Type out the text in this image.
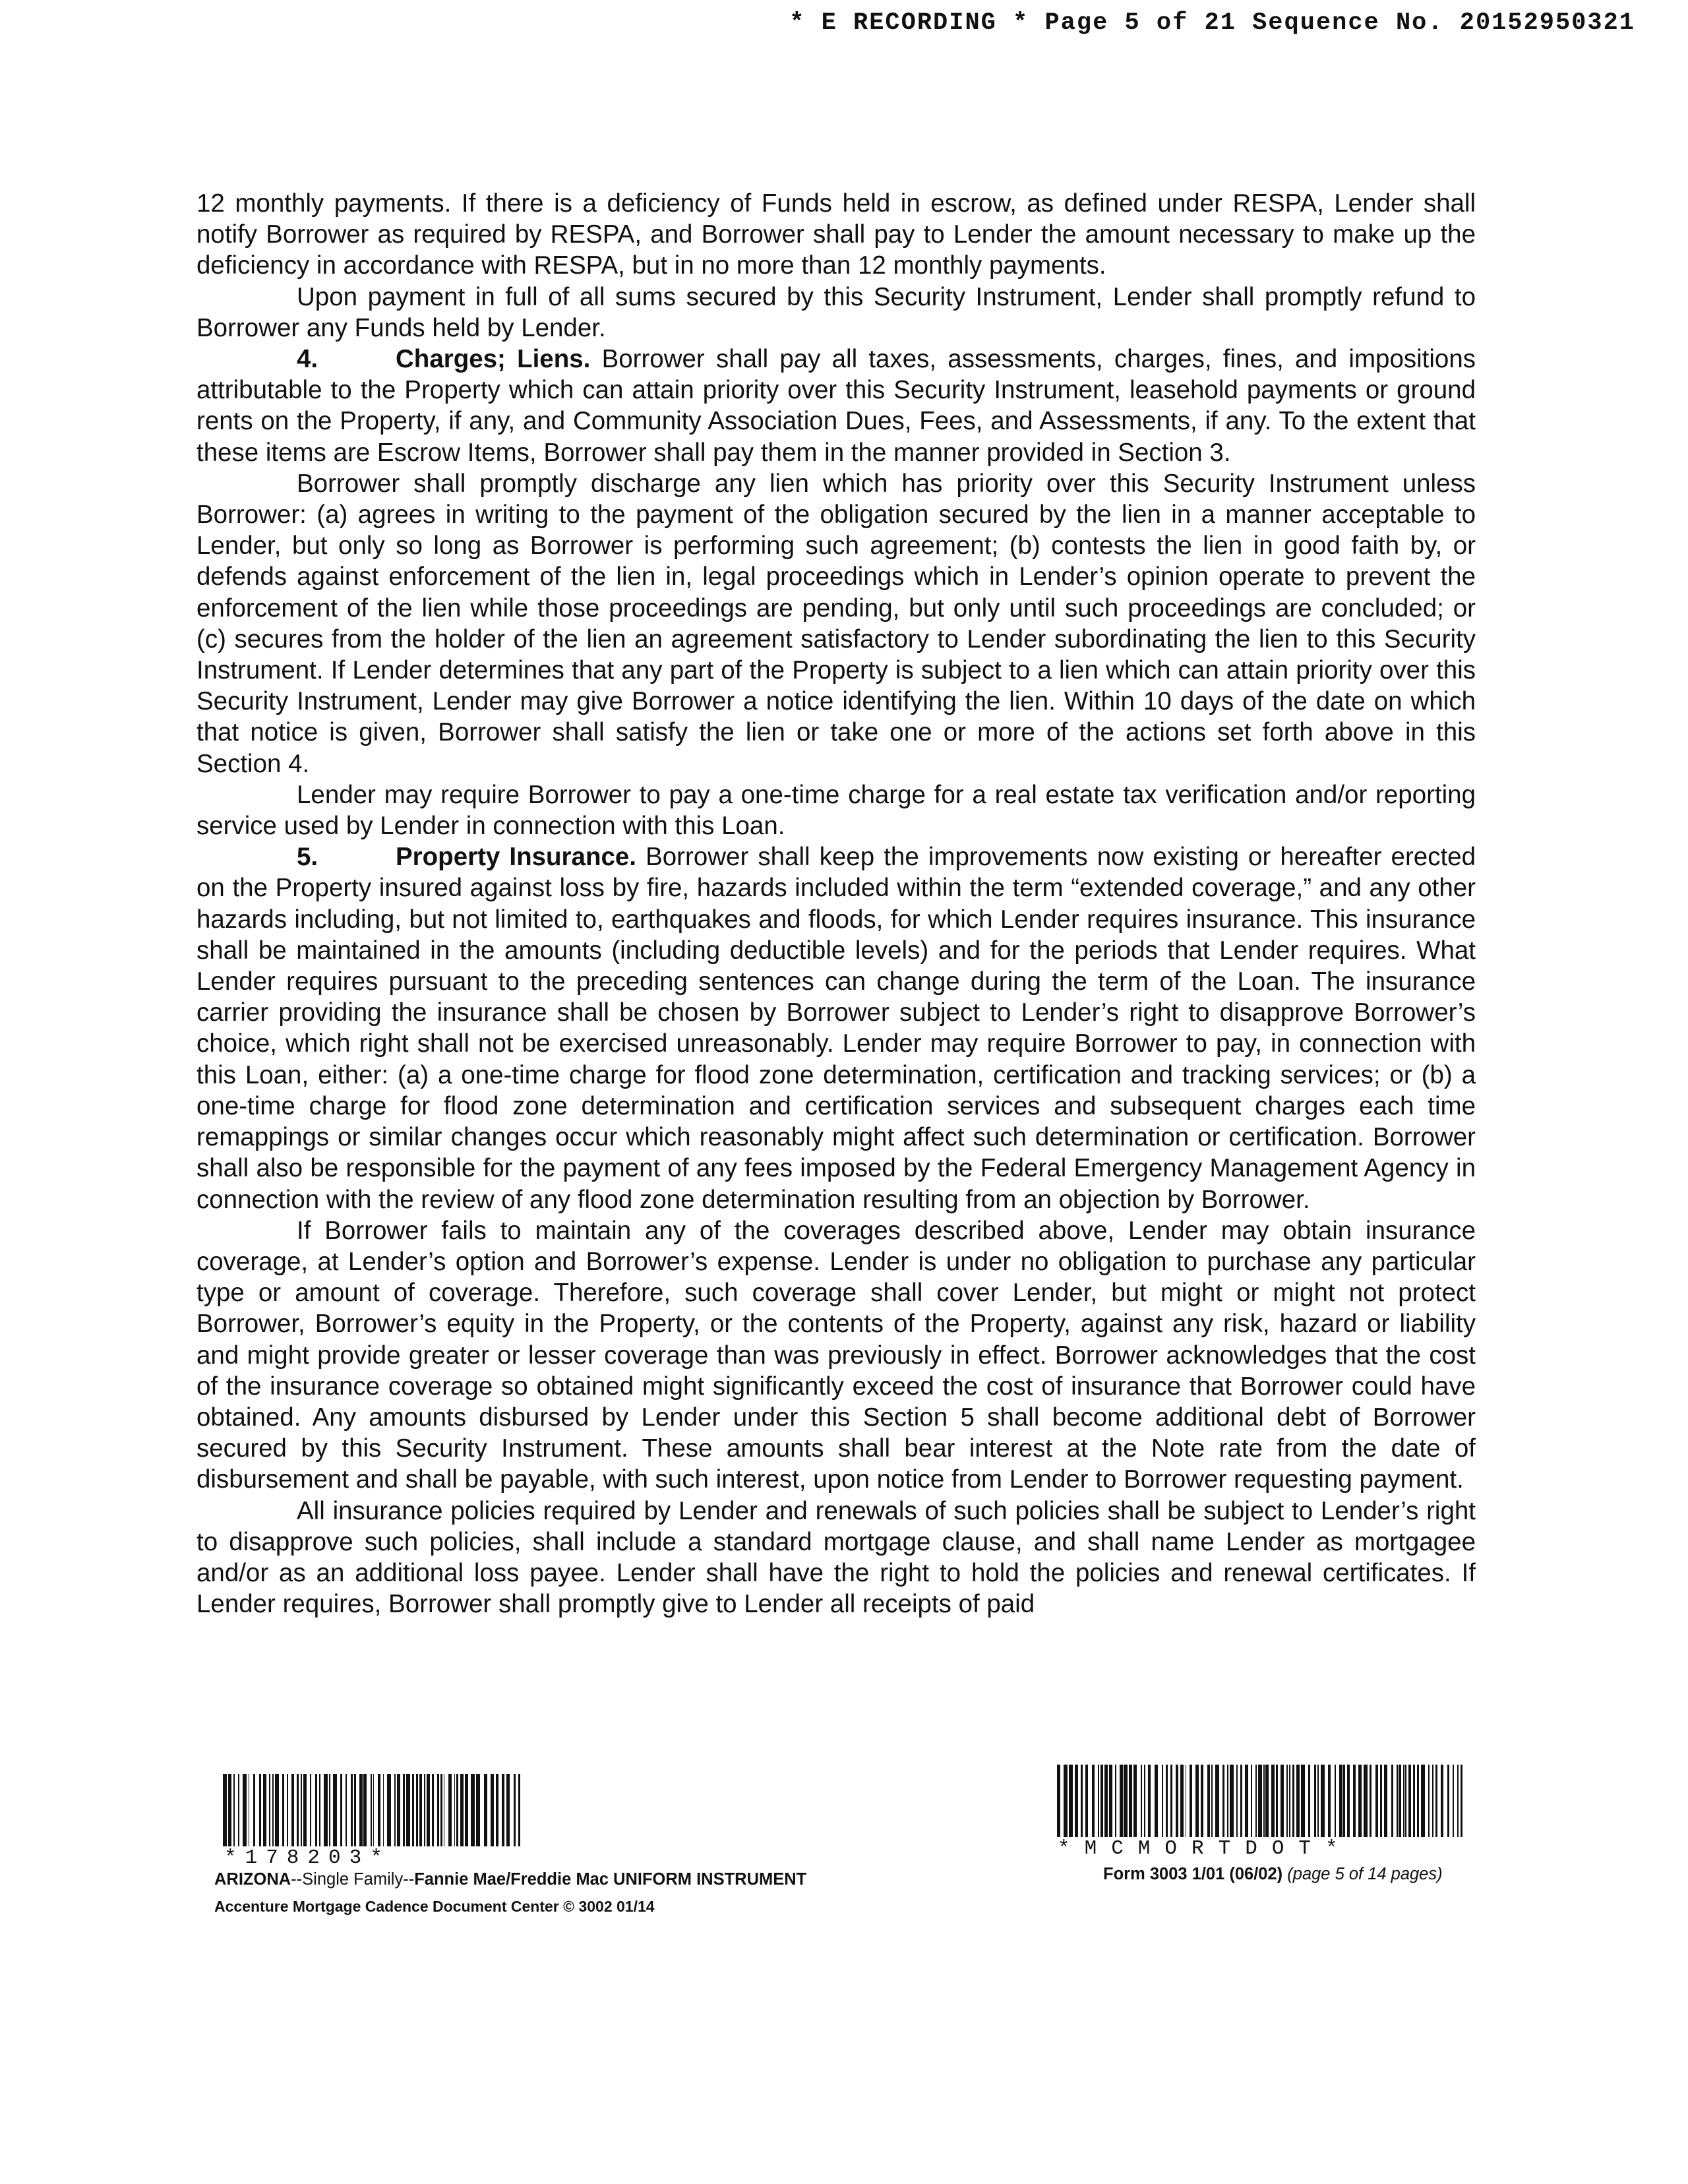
* E RECORDING * Page 5 of 21 Sequence No. 20152950321

12 monthly payments. If there is a deficiency of Funds held in escrow, as defined under RESPA, Lender shall notify Borrower as required by RESPA, and Borrower shall pay to Lender the amount necessary to make up the deficiency in accordance with RESPA, but in no more than 12 monthly payments.

Upon payment in full of all sums secured by this Security Instrument, Lender shall promptly refund to Borrower any Funds held by Lender.

4.	Charges; Liens. Borrower shall pay all taxes, assessments, charges, fines, and impositions attributable to the Property which can attain priority over this Security Instrument, leasehold payments or ground rents on the Property, if any, and Community Association Dues, Fees, and Assessments, if any. To the extent that these items are Escrow Items, Borrower shall pay them in the manner provided in Section 3.

Borrower shall promptly discharge any lien which has priority over this Security Instrument unless Borrower: (a) agrees in writing to the payment of the obligation secured by the lien in a manner acceptable to Lender, but only so long as Borrower is performing such agreement; (b) contests the lien in good faith by, or defends against enforcement of the lien in, legal proceedings which in Lender’s opinion operate to prevent the enforcement of the lien while those proceedings are pending, but only until such proceedings are concluded; or (c) secures from the holder of the lien an agreement satisfactory to Lender subordinating the lien to this Security Instrument. If Lender determines that any part of the Property is subject to a lien which can attain priority over this Security Instrument, Lender may give Borrower a notice identifying the lien. Within 10 days of the date on which that notice is given, Borrower shall satisfy the lien or take one or more of the actions set forth above in this Section 4.

Lender may require Borrower to pay a one-time charge for a real estate tax verification and/or reporting service used by Lender in connection with this Loan.

5.	Property Insurance. Borrower shall keep the improvements now existing or hereafter erected on the Property insured against loss by fire, hazards included within the term “extended coverage,” and any other hazards including, but not limited to, earthquakes and floods, for which Lender requires insurance. This insurance shall be maintained in the amounts (including deductible levels) and for the periods that Lender requires. What Lender requires pursuant to the preceding sentences can change during the term of the Loan. The insurance carrier providing the insurance shall be chosen by Borrower subject to Lender’s right to disapprove Borrower’s choice, which right shall not be exercised unreasonably. Lender may require Borrower to pay, in connection with this Loan, either: (a) a one-time charge for flood zone determination, certification and tracking services; or (b) a one-time charge for flood zone determination and certification services and subsequent charges each time remappings or similar changes occur which reasonably might affect such determination or certification. Borrower shall also be responsible for the payment of any fees imposed by the Federal Emergency Management Agency in connection with the review of any flood zone determination resulting from an objection by Borrower.

If Borrower fails to maintain any of the coverages described above, Lender may obtain insurance coverage, at Lender’s option and Borrower’s expense. Lender is under no obligation to purchase any particular type or amount of coverage. Therefore, such coverage shall cover Lender, but might or might not protect Borrower, Borrower’s equity in the Property, or the contents of the Property, against any risk, hazard or liability and might provide greater or lesser coverage than was previously in effect. Borrower acknowledges that the cost of the insurance coverage so obtained might significantly exceed the cost of insurance that Borrower could have obtained. Any amounts disbursed by Lender under this Section 5 shall become additional debt of Borrower secured by this Security Instrument. These amounts shall bear interest at the Note rate from the date of disbursement and shall be payable, with such interest, upon notice from Lender to Borrower requesting payment.

All insurance policies required by Lender and renewals of such policies shall be subject to Lender’s right to disapprove such policies, shall include a standard mortgage clause, and shall name Lender as mortgagee and/or as an additional loss payee. Lender shall have the right to hold the policies and renewal certificates. If Lender requires, Borrower shall promptly give to Lender all receipts of paid

*178203*	*MCMORTDOT*
ARIZONA--Single Family--Fannie Mae/Freddie Mac UNIFORM INSTRUMENT
Accenture Mortgage Cadence Document Center © 3002 01/14
Form 3003 1/01 (06/02) (page 5 of 14 pages)
